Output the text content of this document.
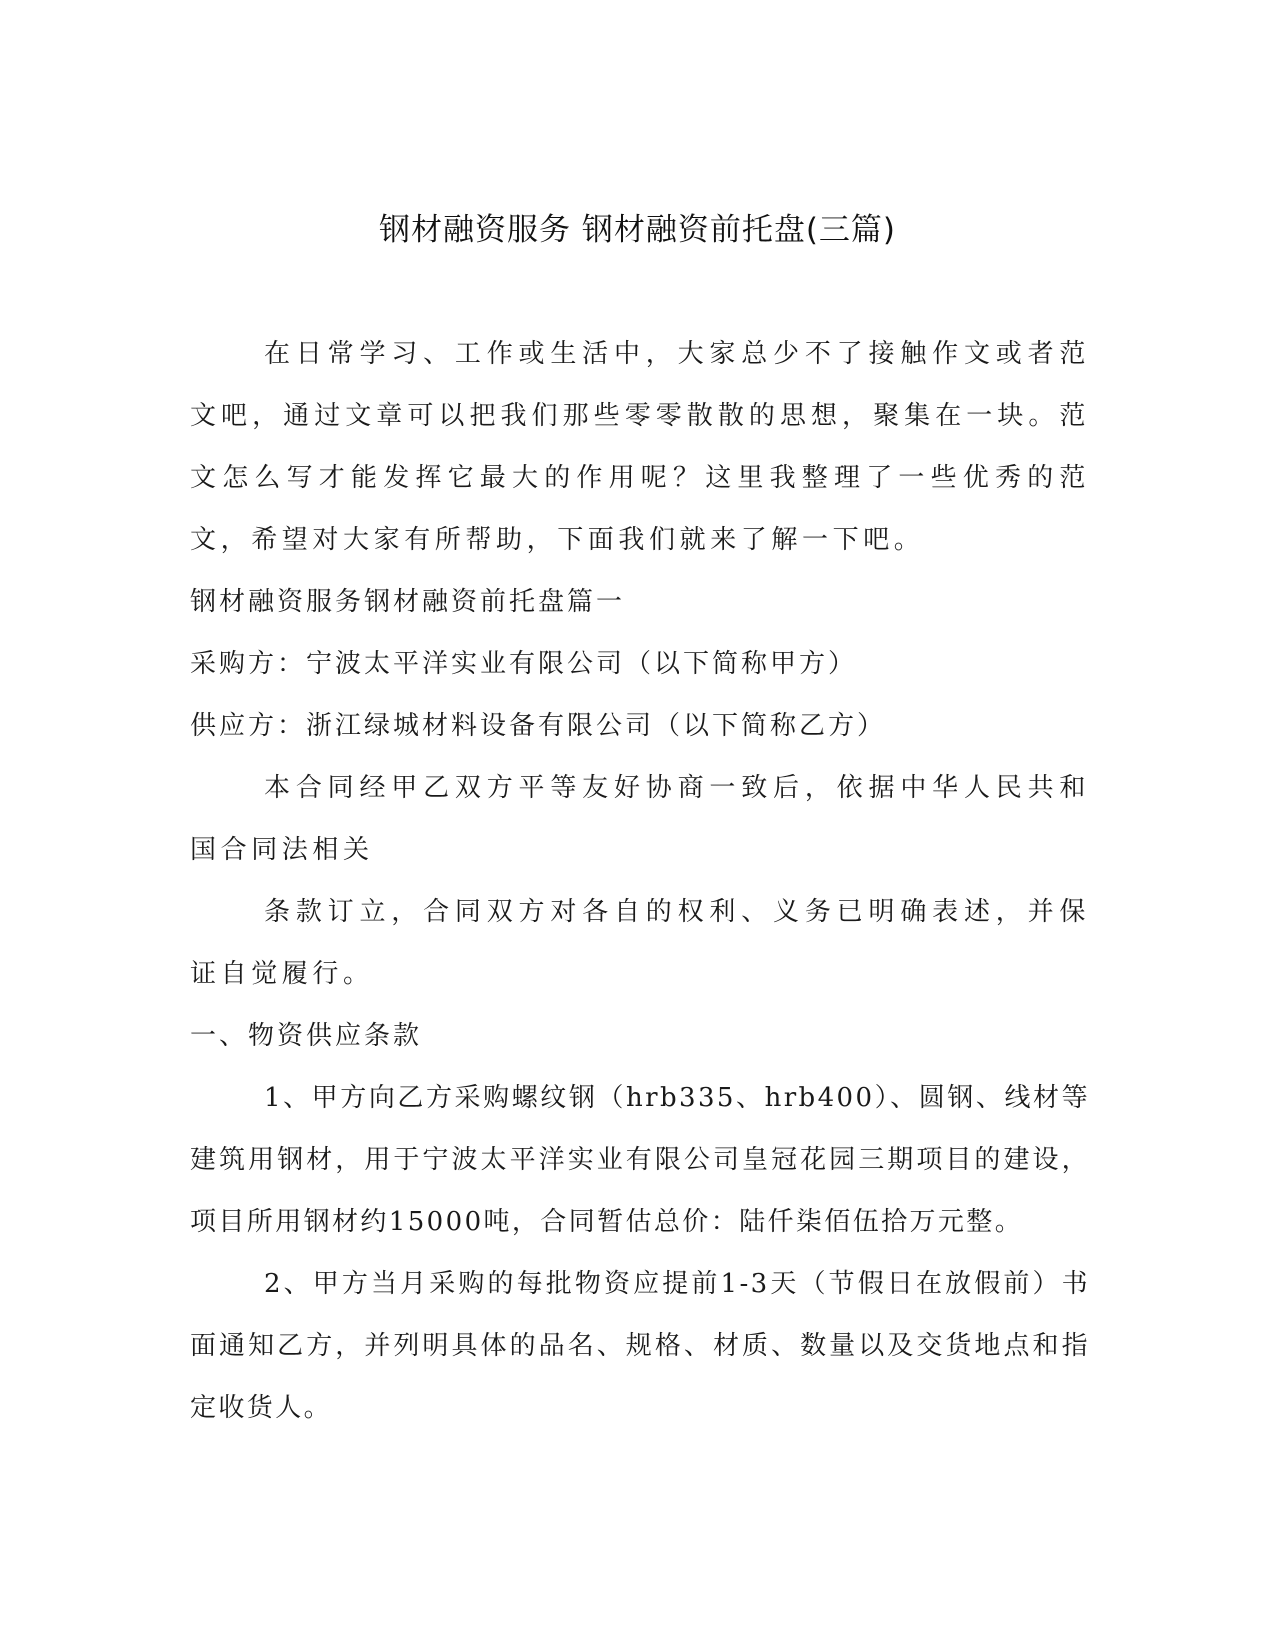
钢材融资服务 钢材融资前托盘(三篇)

在日常学习、工作或生活中，大家总少不了接触作文或者范文吧，通过文章可以把我们那些零零散散的思想，聚集在一块。范文怎么写才能发挥它最大的作用呢？这里我整理了一些优秀的范文，希望对大家有所帮助，下面我们就来了解一下吧。

钢材融资服务钢材融资前托盘篇一

采购方：宁波太平洋实业有限公司（以下简称甲方）

供应方：浙江绿城材料设备有限公司（以下简称乙方）

本合同经甲乙双方平等友好协商一致后，依据中华人民共和国合同法相关

条款订立，合同双方对各自的权利、义务已明确表述，并保证自觉履行。

一、物资供应条款

1、甲方向乙方采购螺纹钢（hrb335、hrb400）、圆钢、线材等建筑用钢材，用于宁波太平洋实业有限公司皇冠花园三期项目的建设，项目所用钢材约15000吨，合同暂估总价：陆仟柒佰伍拾万元整。

2、甲方当月采购的每批物资应提前1-3天（节假日在放假前）书面通知乙方，并列明具体的品名、规格、材质、数量以及交货地点和指定收货人。
